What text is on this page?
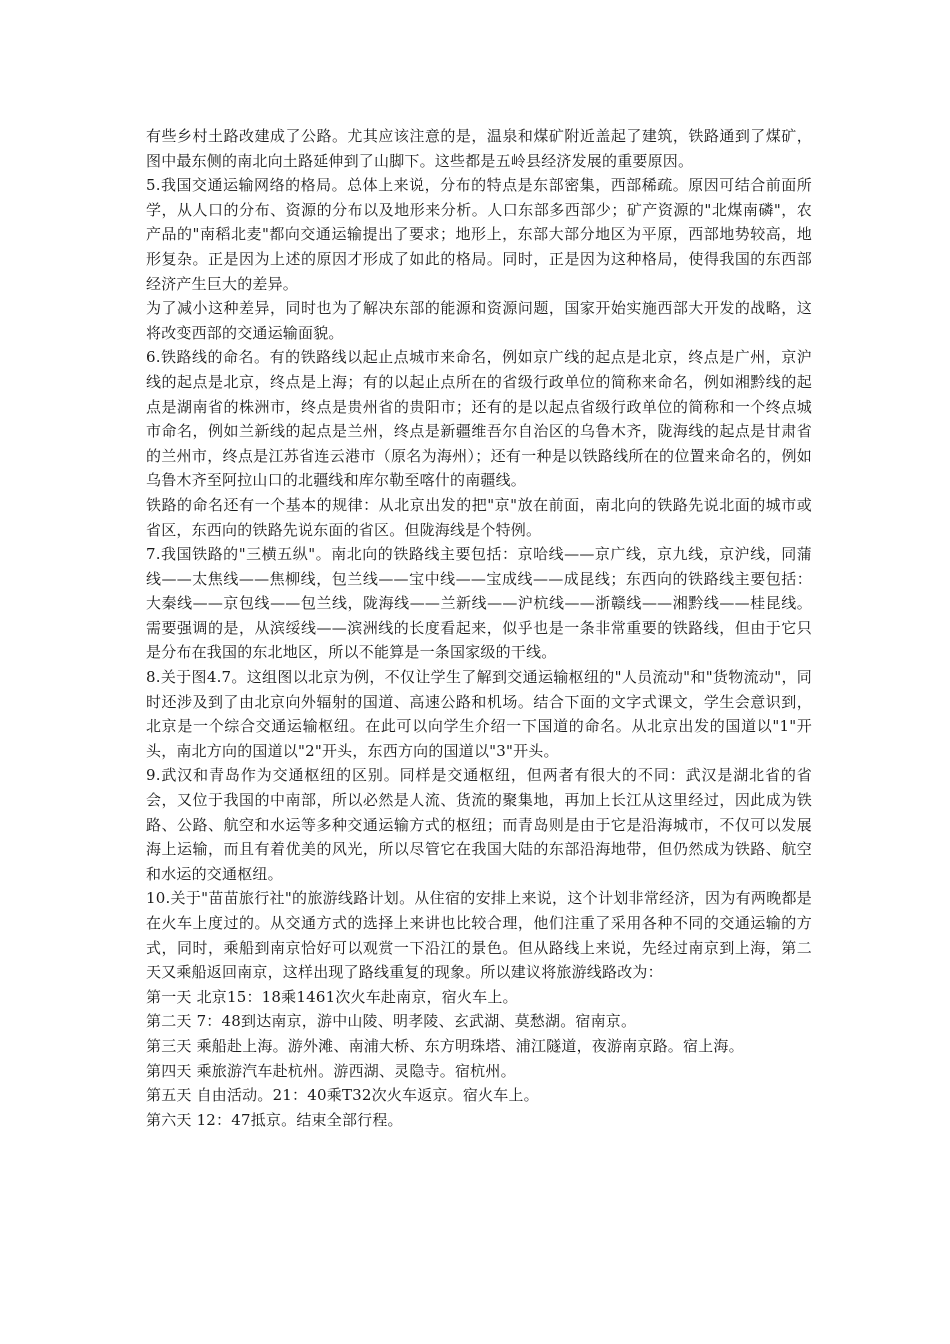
有些乡村土路改建成了公路。尤其应该注意的是，温泉和煤矿附近盖起了建筑，铁路通到了煤矿，图中最东侧的南北向土路延伸到了山脚下。这些都是五岭县经济发展的重要原因。

5.我国交通运输网络的格局。总体上来说，分布的特点是东部密集，西部稀疏。原因可结合前面所学，从人口的分布、资源的分布以及地形来分析。人口东部多西部少；矿产资源的"北煤南磷"，农产品的"南稻北麦"都向交通运输提出了要求；地形上，东部大部分地区为平原，西部地势较高，地形复杂。正是因为上述的原因才形成了如此的格局。同时，正是因为这种格局，使得我国的东西部经济产生巨大的差异。

为了减小这种差异，同时也为了解决东部的能源和资源问题，国家开始实施西部大开发的战略，这将改变西部的交通运输面貌。

6.铁路线的命名。有的铁路线以起止点城市来命名，例如京广线的起点是北京，终点是广州，京沪线的起点是北京，终点是上海；有的以起止点所在的省级行政单位的简称来命名，例如湘黔线的起点是湖南省的株洲市，终点是贵州省的贵阳市；还有的是以起点省级行政单位的简称和一个终点城市命名，例如兰新线的起点是兰州，终点是新疆维吾尔自治区的乌鲁木齐，陇海线的起点是甘肃省的兰州市，终点是江苏省连云港市（原名为海州）；还有一种是以铁路线所在的位置来命名的，例如乌鲁木齐至阿拉山口的北疆线和库尔勒至喀什的南疆线。

铁路的命名还有一个基本的规律：从北京出发的把"京"放在前面，南北向的铁路先说北面的城市或省区，东西向的铁路先说东面的省区。但陇海线是个特例。

7.我国铁路的"三横五纵"。南北向的铁路线主要包括：京哈线——京广线，京九线，京沪线，同蒲线——太焦线——焦柳线，包兰线——宝中线——宝成线——成昆线；东西向的铁路线主要包括：大秦线——京包线——包兰线，陇海线——兰新线——沪杭线——浙赣线——湘黔线——桂昆线。需要强调的是，从滨绥线——滨洲线的长度看起来，似乎也是一条非常重要的铁路线，但由于它只是分布在我国的东北地区，所以不能算是一条国家级的干线。

8.关于图4.7。这组图以北京为例，不仅让学生了解到交通运输枢纽的"人员流动"和"货物流动"，同时还涉及到了由北京向外辐射的国道、高速公路和机场。结合下面的文字式课文，学生会意识到，北京是一个综合交通运输枢纽。在此可以向学生介绍一下国道的命名。从北京出发的国道以"1"开头，南北方向的国道以"2"开头，东西方向的国道以"3"开头。

9.武汉和青岛作为交通枢纽的区别。同样是交通枢纽，但两者有很大的不同：武汉是湖北省的省会，又位于我国的中南部，所以必然是人流、货流的聚集地，再加上长江从这里经过，因此成为铁路、公路、航空和水运等多种交通运输方式的枢纽；而青岛则是由于它是沿海城市，不仅可以发展海上运输，而且有着优美的风光，所以尽管它在我国大陆的东部沿海地带，但仍然成为铁路、航空和水运的交通枢纽。

10.关于"苗苗旅行社"的旅游线路计划。从住宿的安排上来说，这个计划非常经济，因为有两晚都是在火车上度过的。从交通方式的选择上来讲也比较合理，他们注重了采用各种不同的交通运输的方式，同时，乘船到南京恰好可以观赏一下沿江的景色。但从路线上来说，先经过南京到上海，第二天又乘船返回南京，这样出现了路线重复的现象。所以建议将旅游线路改为：

第一天 北京15：18乘1461次火车赴南京，宿火车上。

第二天 7：48到达南京，游中山陵、明孝陵、玄武湖、莫愁湖。宿南京。

第三天 乘船赴上海。游外滩、南浦大桥、东方明珠塔、浦江隧道，夜游南京路。宿上海。

第四天 乘旅游汽车赴杭州。游西湖、灵隐寺。宿杭州。

第五天 自由活动。21：40乘T32次火车返京。宿火车上。

第六天 12：47抵京。结束全部行程。
